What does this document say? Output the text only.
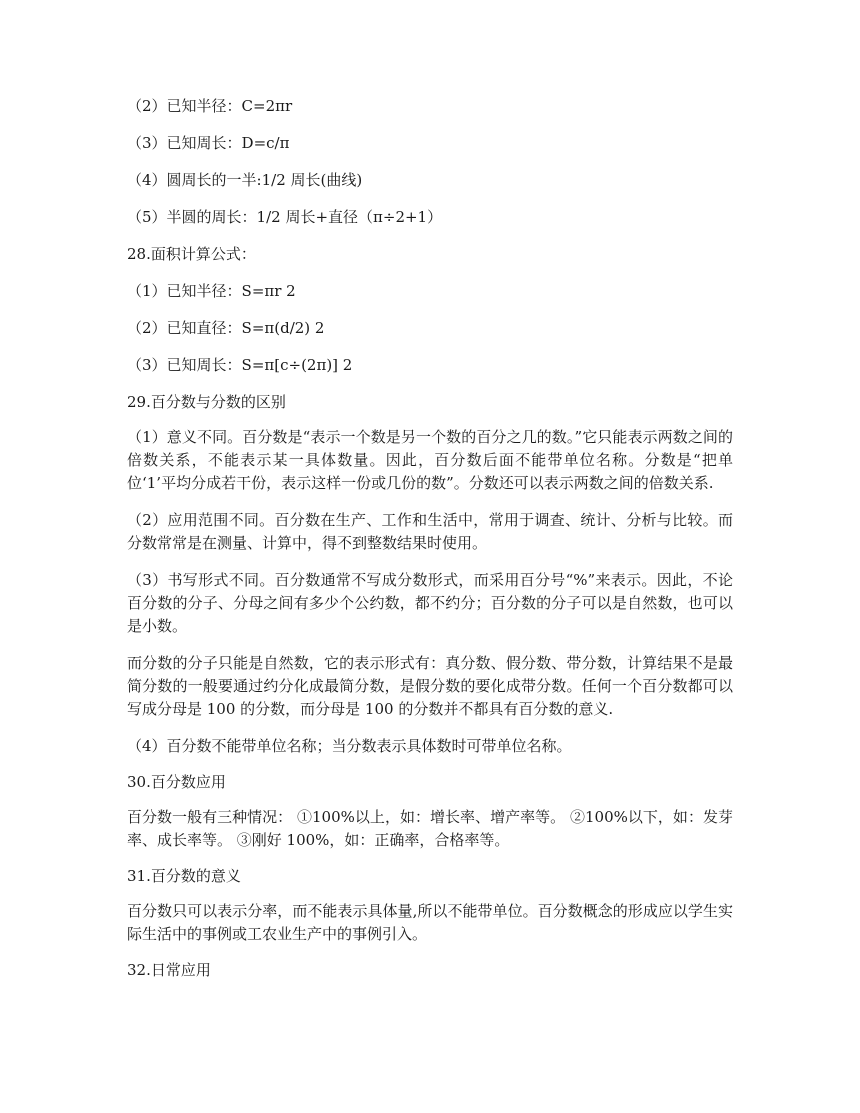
（2）已知半径：C=2πr

（3）已知周长：D=c/π

（4）圆周长的一半:1/2 周长(曲线)

（5）半圆的周长：1/2 周长+直径（π÷2+1）

28.面积计算公式：

（1）已知半径：S=πr 2

（2）已知直径：S=π(d/2) 2

（3）已知周长：S=π[c÷(2π)] 2

29.百分数与分数的区别

（1）意义不同。百分数是“表示一个数是另一个数的百分之几的数。”它只能表示两数之间的倍数关系，不能表示某一具体数量。因此，百分数后面不能带单位名称。分数是“把单位‘1’平均分成若干份，表示这样一份或几份的数”。分数还可以表示两数之间的倍数关系.

（2）应用范围不同。百分数在生产、工作和生活中，常用于调查、统计、分析与比较。而分数常常是在测量、计算中，得不到整数结果时使用。

（3）书写形式不同。百分数通常不写成分数形式，而采用百分号“%”来表示。因此，不论百分数的分子、分母之间有多少个公约数，都不约分；百分数的分子可以是自然数，也可以是小数。

而分数的分子只能是自然数，它的表示形式有：真分数、假分数、带分数，计算结果不是最简分数的一般要通过约分化成最简分数，是假分数的要化成带分数。任何一个百分数都可以写成分母是 100 的分数，而分母是 100 的分数并不都具有百分数的意义.

（4）百分数不能带单位名称；当分数表示具体数时可带单位名称。

30.百分数应用

百分数一般有三种情况： ①100%以上，如：增长率、增产率等。 ②100%以下，如：发芽率、成长率等。 ③刚好 100%，如：正确率，合格率等。

31.百分数的意义

百分数只可以表示分率，而不能表示具体量,所以不能带单位。百分数概念的形成应以学生实际生活中的事例或工农业生产中的事例引入。

32.日常应用
